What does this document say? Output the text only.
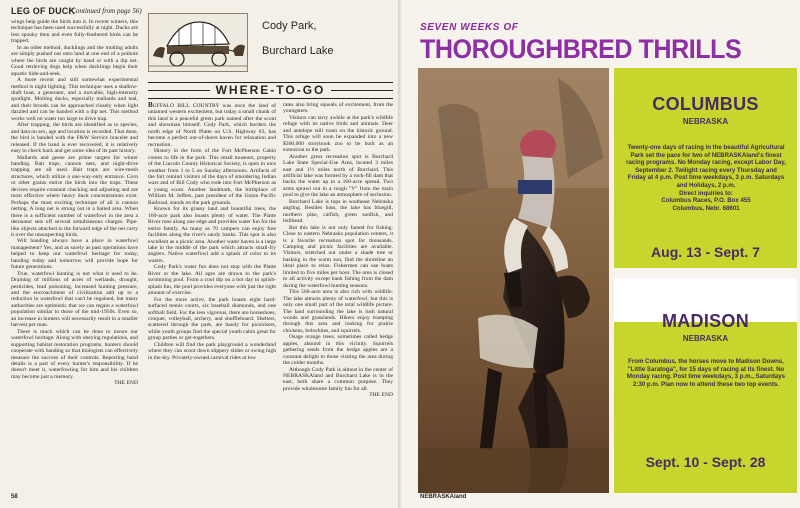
LEG OF DUCK
(Continued from page 56)

wings help guide the birds into it. In recent winters, this technique has been used successfully at night. Ducks are less spooky then and even fully-feathered birds can be trapped.

In an older method, ducklings and the molting adults are simply pushed out onto land at one end of a pothole where the birds are caught by hand or with a dip net. Good retrieving dogs help when ducklings begin their aquatic hide-and-seek.

A more recent and still somewhat experimental method is night lighting. This technique uses a shallow-draft boat, a generator, and a movable, high-intensity spotlight. Molting ducks, especially mallards and teal, and their broods can be approached closely when light dazzled and can be banded with a dip net. This method works well on water too large to drive trap.

After trapping, the birds are identified as to species, and data on sex, age and location is recorded. That done, the bird is banded with the F&W Service bracelet and released. If the band is ever recovered, it is relatively easy to check back and get some idea of its past history.

Mallards and geese are prime targets for winter banding. Bait traps, cannon nets, and night-drive trapping are all used. Bait traps are wire-mesh structures, which utilize a one-way-only entrance. Corn or other grains entice the birds into the traps. These devices require constant checking and adjusting and are most effective where heavy duck concentrations exist. Perhaps the most exciting technique of all is cannon netting. A long net is strung out in a baited area. When there is a sufficient number of waterfowl in the area a detonator sets off several simultaneous charges. Pipe-like objects attached to the forward edge of the net carry it over the unsuspecting birds.

Will banding always have a place in waterfowl management? Yes, and as surely as past operations have helped to keep our waterfowl heritage for today, banding today and tomorrow will provide hope for future generations.

True, waterfowl hunting is not what it used to be. Draining of millions of acres of wetlands, drought, pesticides, lead poisoning, increased hunting pressure, and the encroachment of civilization add up to a reduction in waterfowl that can't be regained, but many authorities are optimistic that we can regain a waterfowl population similar to those of the mid-1950s. Even so, an increase in hunters will necessarily result in a smaller harvest per man.

There is much which can be done to insure our waterfowl heritage. Along with obeying regulations, and supporting habitat restoration programs, hunters should cooperate with banding so that biologists can effectively measure the success of their controls. Reporting band details is a part of every hunter's responsibility. If he doesn't meet it, waterfowling for him and his children may become just a memory.

THE END

Cody Park,
Burchard Lake
WHERE-TO-GO

BUFFALO BILL COUNTRY was once the land of untamed western excitement, but today a small chunk of this land is a peaceful green park named after the scout and showman himself. Cody Park, which borders the north edge of North Platte on U.S. Highway 83, has become a perfect out-of-doors haven for relaxation and recreation.

History in the form of the Fort McPherson Cabin comes to life in the park. This small museum, property of the Lincoln County Historical Society, is open in nice weather from 1 to 5 on Sunday afternoons. Artifacts of the fort remind visitors of the days of smoldering Indian wars and of Bill Cody who rode into Fort McPherson as a young scout. Another landmark, the birthplace of William M. Jeffers, past president of the Union Pacific Railroad, stands on the park grounds.

Known for its grassy land and bountiful trees, the 160-acre park also boasts plenty of water. The Platte River runs along one edge and provides water fun for the entire family. As many as 70 campers can enjoy free facilities along the river's sandy banks. This spot is also excellent as a picnic area. Another water haven is a large lake in the middle of the park which attracts small-fry anglers. Native waterfowl add a splash of color to its waters.

Cody Park's water fun does not stop with the Platte River or the lake. All ages are drawn to the park's swimming pool. From a cool dip on a hot day to splish-splash fun, the pool provides everyone with just the right amount of exercise.

For the more active, the park boasts eight hard-surfaced tennis courts, six baseball diamonds, and one softball field. For the less vigorous, there are horseshoes, croquet, volleyball, archery, and shuffleboard. Shelters, scattered through the park, are handy for picnickers, while youth groups find the special youth cabin great for group parties or get-togethers.

Children will find the park playground a wonderland where they can scoot down slippery slides or swing high in the sky. Privately-owned carnival rides at low

rates also bring squeals of excitement, from the youngsters.

Visitors can tarry awhile at the park's wildlife refuge with its native birds and animals. Deer and antelope still roam on the historic ground. This refuge will soon be expanded into a new $300,000 storybook zoo to be built as an extension to the park.

Another great recreation spot is Burchard Lake State Special-Use Area, located 3 miles east and 1½ miles north of Burchard. This artificial lake was formed by a rock-fill dam that backs the water up in a 160-acre spread. Two arms sprawl out in a rough "V" from the main pool to give the lake an atmosphere of seclusion.

Burchard Lake is tops in southeast Nebraska angling. Besides bass, the lake has bluegill, northern pike, catfish, green sunfish, and bullhead.

But this lake is not only famed for fishing. Close to eastern Nebraska population centers, it is a favorite recreation spot for thousands. Camping and picnic facilities are available. Visitors, stretched out under a shade tree or basking in the warm sun, find the shoreline an ideal place to relax. Fishermen can use boats limited to five miles per hour. The area is closed to all activity except bank fishing from the dam during the waterfowl hunting seasons.

This 560-acre area is also rich with wildlife. The lake attracts plenty of waterfowl, but this is only one small part of the total wildlife picture. The land surrounding the lake is lush natural woods and grasslands. Hikers enjoy tramping through this area and looking for prairie chickens, bobwhites, and squirrels.

Osage orange trees, sometimes called hedge apples, abound in this vicinity. Squirrels gathering seeds from the hedge apples are a constant delight to those visiting the area during the colder months.

Although Cody Park is almost in the center of NEBRASKAland and Burchard Lake is in the east, both share a common purpose. They provide wholesome family fun for all.

THE END

58
SEVEN WEEKS OF
THOROUGHBRED THRILLS
COLUMBUS
NEBRASKA
Twenty-one days of racing in the beautiful Agricultural Park set the pace for two of NEBRASKAland's finest racing programs. No Monday racing, except Labor Day, September 2. Twilight racing every Thursday and Friday at 4 p.m. Post time weekdays, 3 p.m. Saturdays and Holidays, 2 p.m.
Direct inquiries to:
Columbus Races, P.O. Box 455
Columbus, Nebr. 68601
Aug. 13 - Sept. 7
MADISON
NEBRASKA
From Columbus, the horses move to Madison Downs, "Little Saratoga", for 15 days of racing at its finest. No Monday racing. Post time weekdays, 3 p.m., Saturdays 2:30 p.m. Plan now to attend these two top events.
Sept. 10 - Sept. 28
NEBRASKAland
